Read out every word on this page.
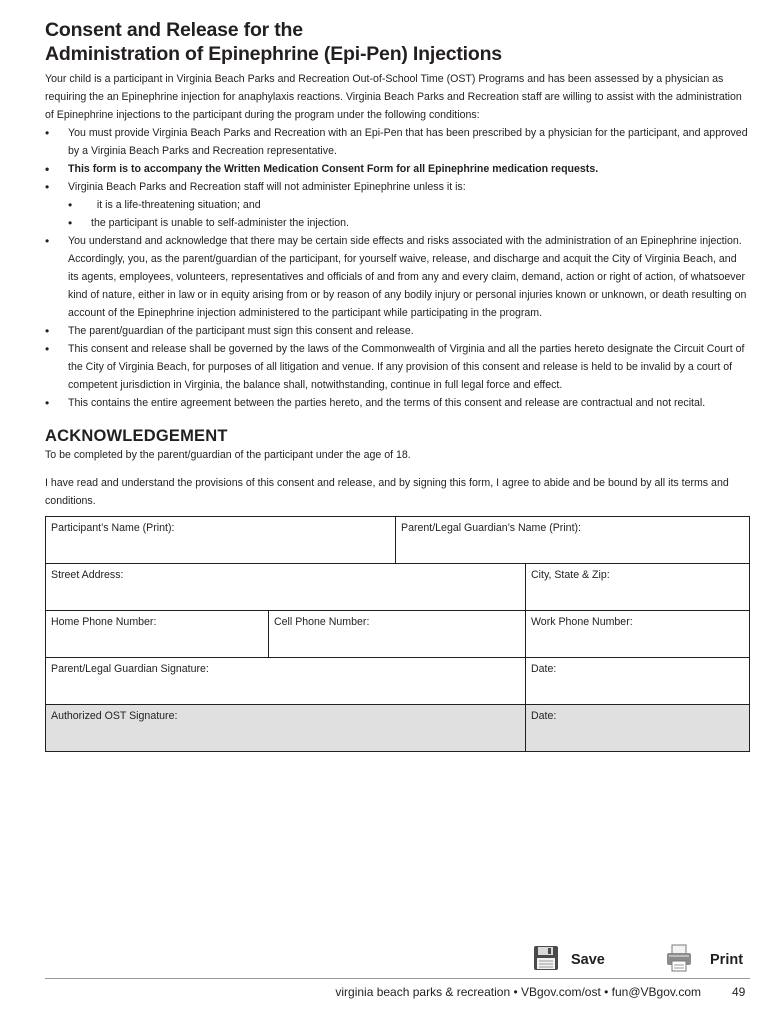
Consent and Release for the
Administration of Epinephrine (Epi-Pen) Injections

Your child is a participant in Virginia Beach Parks and Recreation Out-of-School Time (OST) Programs and has been assessed by a physician as requiring the an Epinephrine injection for anaphylaxis reactions. Virginia Beach Parks and Recreation staff are willing to assist with the administration of Epinephrine injections to the participant during the program under the following conditions:

• You must provide Virginia Beach Parks and Recreation with an Epi-Pen that has been prescribed by a physician for the participant, and approved by a Virginia Beach Parks and Recreation representative.
• This form is to accompany the Written Medication Consent Form for all Epinephrine medication requests.
• Virginia Beach Parks and Recreation staff will not administer Epinephrine unless it is:
• it is a life-threatening situation; and
• the participant is unable to self-administer the injection.
• You understand and acknowledge that there may be certain side effects and risks associated with the administration of an Epinephrine injection. Accordingly, you, as the parent/guardian of the participant, for yourself waive, release, and discharge and acquit the City of Virginia Beach, and its agents, employees, volunteers, representatives and officials of and from any and every claim, demand, action or right of action, of whatsoever kind of nature, either in law or in equity arising from or by reason of any bodily injury or personal injuries known or unknown, or death resulting on account of the Epinephrine injection administered to the participant while participating in the program.
• The parent/guardian of the participant must sign this consent and release.
• This consent and release shall be governed by the laws of the Commonwealth of Virginia and all the parties hereto designate the Circuit Court of the City of Virginia Beach, for purposes of all litigation and venue. If any provision of this consent and release is held to be invalid by a court of competent jurisdiction in Virginia, the balance shall, notwithstanding, continue in full legal force and effect.
• This contains the entire agreement between the parties hereto, and the terms of this consent and release are contractual and not recital.
ACKNOWLEDGEMENT

To be completed by the parent/guardian of the participant under the age of 18.

I have read and understand the provisions of this consent and release, and by signing this form, I agree to abide and be bound by all its terms and conditions.

Participant’s Name (Print):		Parent/Legal Guardian’s Name (Print):	
Street Address:			City, State & Zip:
Home Phone Number:	Cell Phone Number:		Work Phone Number:
Parent/Legal Guardian Signature:			Date:
Authorized OST Signature:			Date:
Save	Print
virginia beach parks & recreation • VBgov.com/ost • fun@VBgov.com	49
